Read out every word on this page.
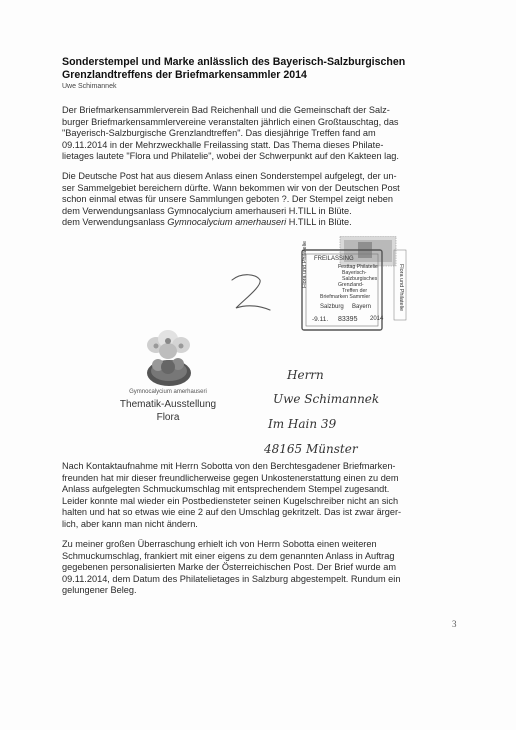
Sonderstempel und Marke anlässlich des Bayerisch-Salzburgischen
Grenzlandtreffens der Briefmarkensammler 2014
Uwe Schimannek
Der Briefmarkensammlerverein Bad Reichenhall und die Gemeinschaft der Salz-
burger Briefmarkensammlervereine veranstalten jährlich einen Großtauschtag, das
"Bayerisch-Salzburgische Grenzlandtreffen". Das diesjährige Treffen fand am
09.11.2014 in der Mehrzweckhalle Freilassing statt. Das Thema dieses Philate-
lietages lautete "Flora und Philatelie", wobei der Schwerpunkt auf den Kakteen lag.
Die Deutsche Post hat aus diesem Anlass einen Sonderstempel aufgelegt, der un-
ser Sammelgebiet bereichern dürfte. Wann bekommen wir von der Deutschen Post
schon einmal etwas für unsere Sammlungen geboten ?. Der Stempel zeigt neben
dem Verwendungsanlass Gymnocalycium amerhauseri H.TILL in Blüte.
dem Verwendungsanlass Gymnocalycium amerhauseri H.TILL in Blüte.
Gymnocalycium amerhauseri
Thematik-Ausstellung
Flora
FREILASSING
Festtag Philatelie
Bayerisch-
Salzburgisches
Grenzland-
Treffen der
Briefmarken Sammler
Salzburg Bayern
-9.11. 83395 2014
Flora und Philatelie	Flora und Philatelie
Herrn
Uwe Schimannek
Im Hain 39
48165 Münster
Nach Kontaktaufnahme mit Herrn Sobotta von den Berchtesgadener Briefmarken-
freunden hat mir dieser freundlicherweise gegen Unkostenerstattung einen zu dem
Anlass aufgelegten Schmuckumschlag mit entsprechendem Stempel zugesandt.
Leider konnte mal wieder ein Postbediensteter seinen Kugelschreiber nicht an sich
halten und hat so etwas wie eine 2 auf den Umschlag gekritzelt. Das ist zwar ärger-
lich, aber kann man nicht ändern.
Zu meiner großen Überraschung erhielt ich von Herrn Sobotta einen weiteren
Schmuckumschlag, frankiert mit einer eigens zu dem genannten Anlass in Auftrag
gegebenen personalisierten Marke der Österreichischen Post. Der Brief wurde am
09.11.2014, dem Datum des Philatelietages in Salzburg abgestempelt. Rundum ein
gelungener Beleg.
3
